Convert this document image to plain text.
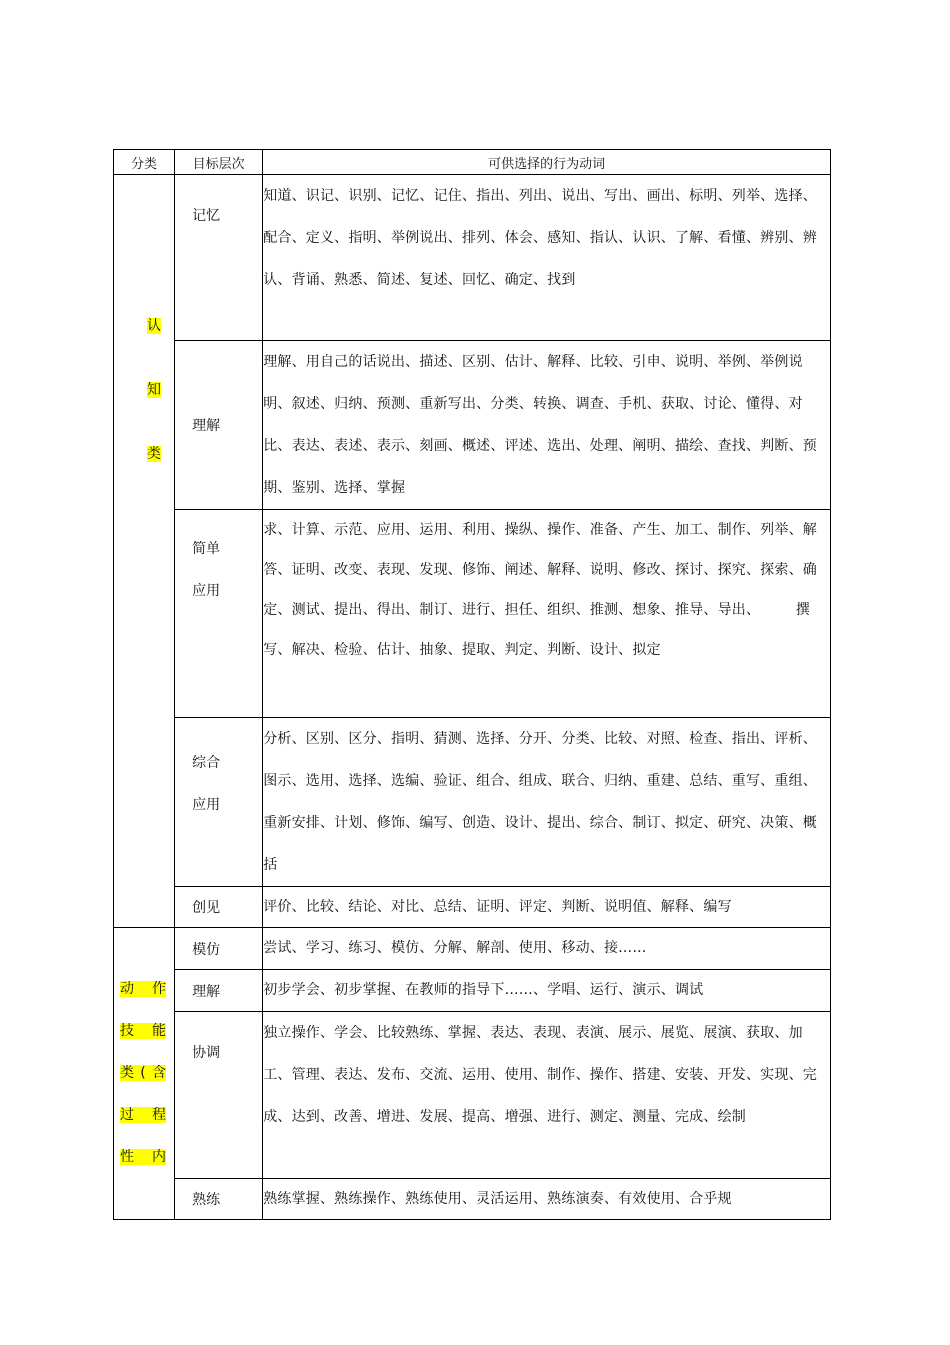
分类	目标层次	可供选择的行为动词

认
知
类	记忆	知道、识记、识别、记忆、记住、指出、列出、说出、写出、画出、标明、列举、选择、配合、定义、指明、举例说出、排列、体会、感知、指认、认识、了解、看懂、辨别、辨认、背诵、熟悉、简述、复述、回忆、确定、找到
	理解	理解、用自己的话说出、描述、区别、估计、解释、比较、引申、说明、举例、举例说明、叙述、归纳、预测、重新写出、分类、转换、调查、手机、获取、讨论、懂得、对比、表达、表述、表示、刻画、概述、评述、选出、处理、阐明、描绘、查找、判断、预期、鉴别、选择、掌握

	简单应用	求、计算、示范、应用、运用、利用、操纵、操作、准备、产生、加工、制作、列举、解答、证明、改变、表现、发现、修饰、阐述、解释、说明、修改、探讨、探究、探索、确定、测试、提出、得出、制订、进行、担任、组织、推测、想象、推导、导出、　　　撰写、解决、检验、估计、抽象、提取、判定、判断、设计、拟定

	综合应用	分析、区别、区分、指明、猜测、选择、分开、分类、比较、对照、检查、指出、评析、图示、选用、选择、选编、验证、组合、组成、联合、归纳、重建、总结、重写、重组、重新安排、计划、修饰、编写、创造、设计、提出、综合、制订、拟定、研究、决策、概括
	创见	评价、比较、结论、对比、总结、证明、评定、判断、说明值、解释、编写

动 作
技 能
类(含
过 程
性 内	模仿	尝试、学习、练习、模仿、分解、解剖、使用、移动、接……
	理解	初步学会、初步掌握、在教师的指导下……、学唱、运行、演示、调试
	协调	独立操作、学会、比较熟练、掌握、表达、表现、表演、展示、展览、展演、获取、加工、管理、表达、发布、交流、运用、使用、制作、操作、搭建、安装、开发、实现、完成、达到、改善、增进、发展、提高、增强、进行、测定、测量、完成、绘制
	熟练	熟练掌握、熟练操作、熟练使用、灵活运用、熟练演奏、有效使用、合乎规
